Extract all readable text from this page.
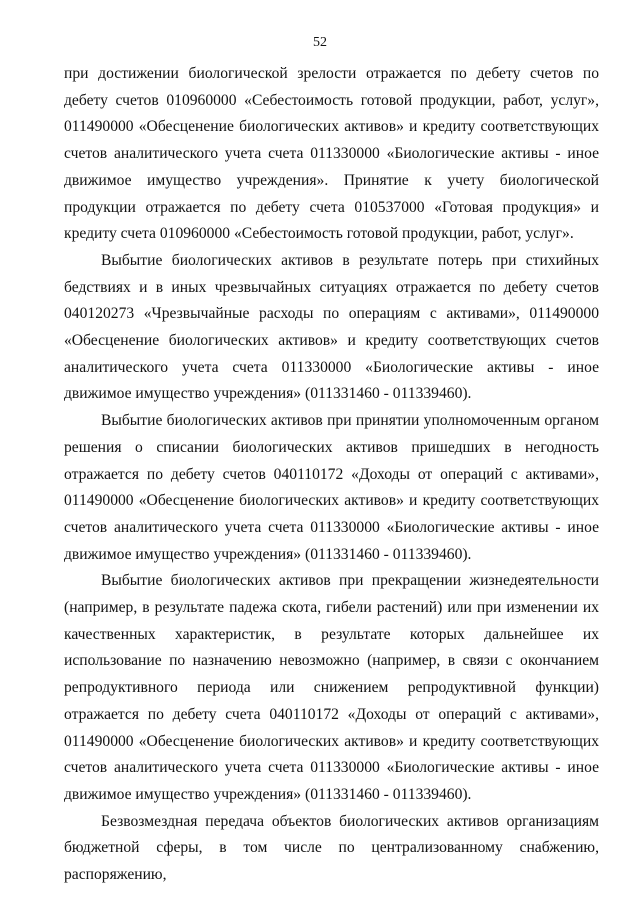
52

при достижении биологической зрелости отражается по дебету счетов по дебету счетов 010960000 «Себестоимость готовой продукции, работ, услуг», 011490000 «Обесценение биологических активов» и кредиту соответствующих счетов аналитического учета счета 011330000 «Биологические активы - иное движимое имущество учреждения». Принятие к учету биологической продукции отражается по дебету счета 010537000 «Готовая продукция» и кредиту счета 010960000 «Себестоимость готовой продукции, работ, услуг».

Выбытие биологических активов в результате потерь при стихийных бедствиях и в иных чрезвычайных ситуациях отражается по дебету счетов 040120273 «Чрезвычайные расходы по операциям с активами», 011490000 «Обесценение биологических активов» и кредиту соответствующих счетов аналитического учета счета 011330000 «Биологические активы - иное движимое имущество учреждения» (011331460 - 011339460).

Выбытие биологических активов при принятии уполномоченным органом решения о списании биологических активов пришедших в негодность отражается по дебету счетов 040110172 «Доходы от операций с активами», 011490000 «Обесценение биологических активов» и кредиту соответствующих счетов аналитического учета счета 011330000 «Биологические активы - иное движимое имущество учреждения» (011331460 - 011339460).

Выбытие биологических активов при прекращении жизнедеятельности (например, в результате падежа скота, гибели растений) или при изменении их качественных характеристик, в результате которых дальнейшее их использование по назначению невозможно (например, в связи с окончанием репродуктивного периода или снижением репродуктивной функции) отражается по дебету счета 040110172 «Доходы от операций с активами», 011490000 «Обесценение биологических активов» и кредиту соответствующих счетов аналитического учета счета 011330000 «Биологические активы - иное движимое имущество учреждения» (011331460 - 011339460).

Безвозмездная передача объектов биологических активов организациям бюджетной сферы, в том числе по централизованному снабжению, распоряжению,
